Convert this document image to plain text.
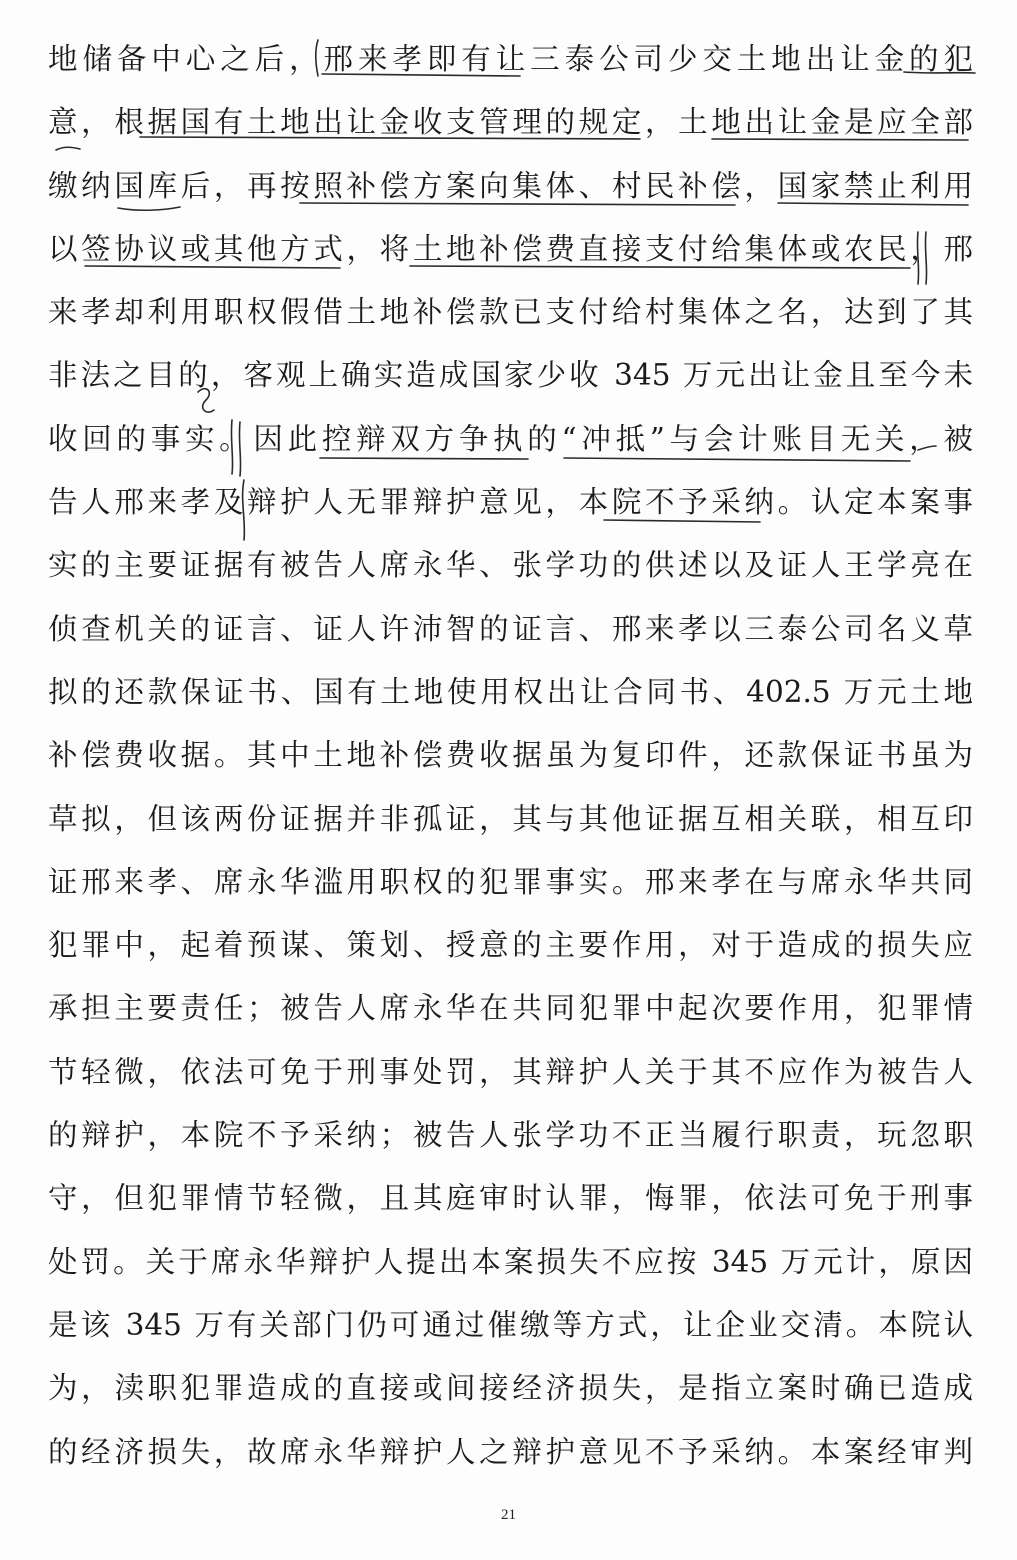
地储备中心之后，邢来孝即有让三泰公司少交土地出让金的犯
意，根据国有土地出让金收支管理的规定，土地出让金是应全部
缴纳国库后，再按照补偿方案向集体、村民补偿，国家禁止利用
以签协议或其他方式，将土地补偿费直接支付给集体或农民，邢
来孝却利用职权假借土地补偿款已支付给村集体之名，达到了其
非法之目的，客观上确实造成国家少收 345 万元出让金且至今未
收回的事实。因此控辩双方争执的“冲抵”与会计账目无关，被
告人邢来孝及辩护人无罪辩护意见，本院不予采纳。认定本案事
实的主要证据有被告人席永华、张学功的供述以及证人王学亮在
侦查机关的证言、证人许沛智的证言、邢来孝以三泰公司名义草
拟的还款保证书、国有土地使用权出让合同书、402.5 万元土地
补偿费收据。其中土地补偿费收据虽为复印件，还款保证书虽为
草拟，但该两份证据并非孤证，其与其他证据互相关联，相互印
证邢来孝、席永华滥用职权的犯罪事实。邢来孝在与席永华共同
犯罪中，起着预谋、策划、授意的主要作用，对于造成的损失应
承担主要责任；被告人席永华在共同犯罪中起次要作用，犯罪情
节轻微，依法可免于刑事处罚，其辩护人关于其不应作为被告人
的辩护，本院不予采纳；被告人张学功不正当履行职责，玩忽职
守，但犯罪情节轻微，且其庭审时认罪，悔罪，依法可免于刑事
处罚。关于席永华辩护人提出本案损失不应按 345 万元计，原因
是该 345 万有关部门仍可通过催缴等方式，让企业交清。本院认
为，渎职犯罪造成的直接或间接经济损失，是指立案时确已造成
的经济损失，故席永华辩护人之辩护意见不予采纳。本案经审判
21
